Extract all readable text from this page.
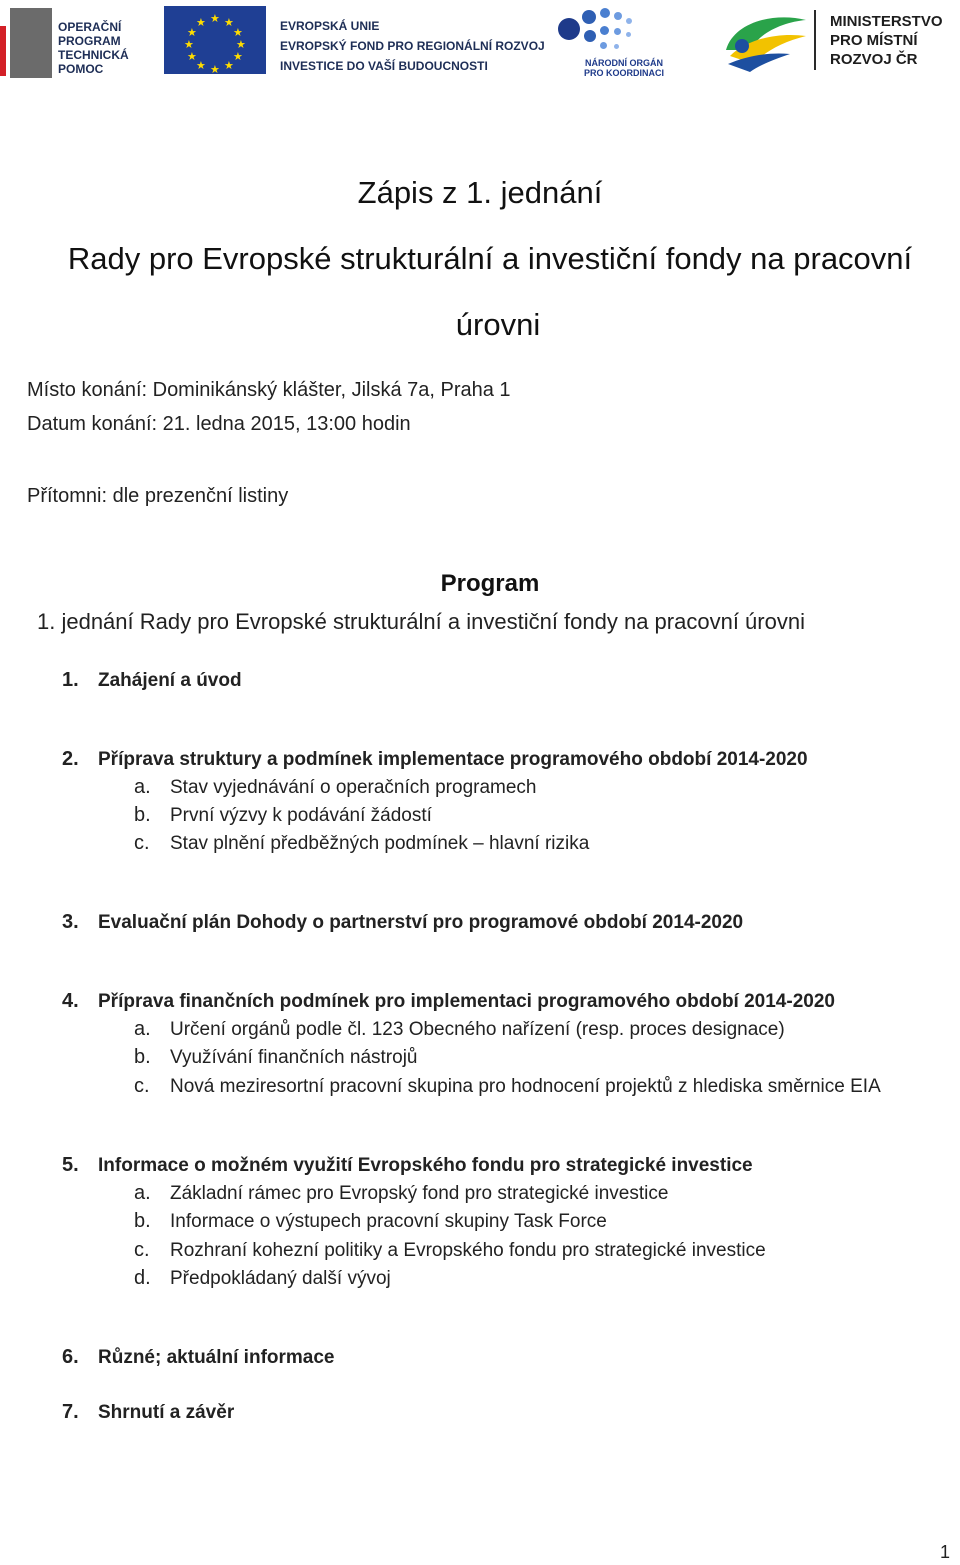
OPERAČNÍ
PROGRAM
TECHNICKÁ
POMOC
★ ★
★
★
★
★
★
★
★
★
★
★	EVROPSKÁ UNIE
EVROPSKÝ FOND PRO REGIONÁLNÍ ROZVOJ
INVESTICE DO VAŠÍ BUDOUCNOSTI	NÁRODNÍ ORGÁN
PRO KOORDINACI
MINISTERSTVO
PRO MÍSTNÍ
ROZVOJ ČR
Zápis z 1. jednání
Rady pro Evropské strukturální a investiční fondy na pracovní
úrovni
Místo konání: Dominikánský klášter, Jilská 7a, Praha 1
Datum konání: 21. ledna 2015, 13:00 hodin
Přítomni: dle prezenční listiny
Program
1. jednání Rady pro Evropské strukturální a investiční fondy na pracovní úrovni
1. Zahájení a úvod
2. Příprava struktury a podmínek implementace programového období 2014-2020
a. Stav vyjednávání o operačních programech
b. První výzvy k podávání žádostí
c. Stav plnění předběžných podmínek – hlavní rizika
3. Evaluační plán Dohody o partnerství pro programové období 2014-2020
4. Příprava finančních podmínek pro implementaci programového období 2014-2020
a. Určení orgánů podle čl. 123 Obecného nařízení (resp. proces designace)
b. Využívání finančních nástrojů
c. Nová meziresortní pracovní skupina pro hodnocení projektů z hlediska směrnice EIA
5. Informace o možném využití Evropského fondu pro strategické investice
a. Základní rámec pro Evropský fond pro strategické investice
b. Informace o výstupech pracovní skupiny Task Force
c. Rozhraní kohezní politiky a Evropského fondu pro strategické investice
d. Předpokládaný další vývoj
6. Různé; aktuální informace
7. Shrnutí a závěr
1
